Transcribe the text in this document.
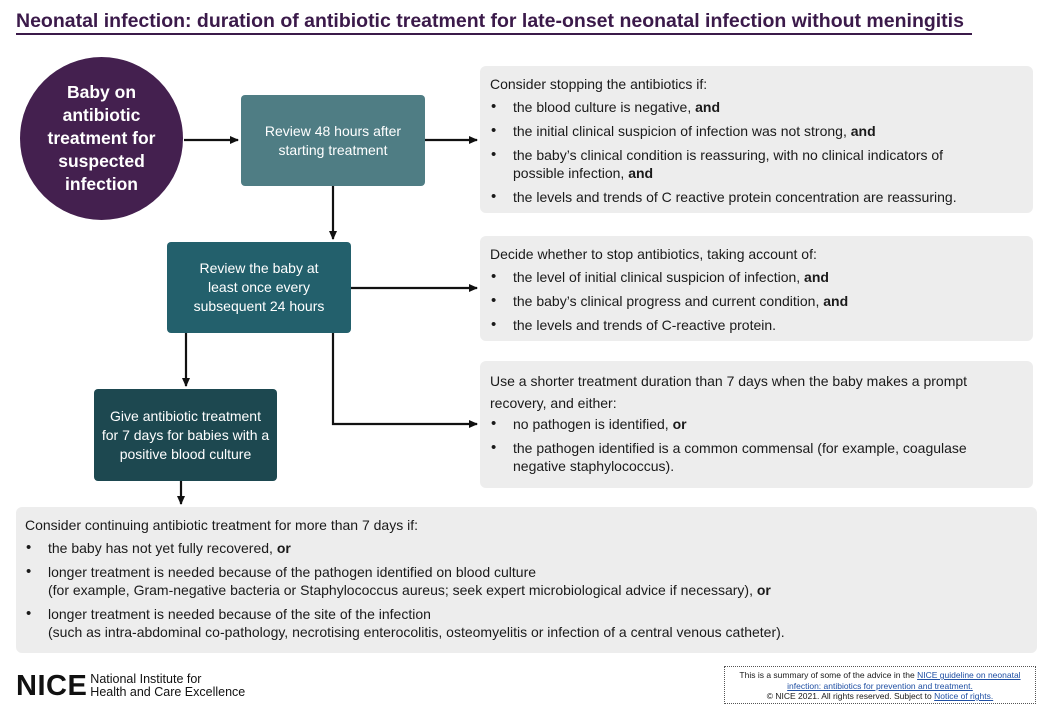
Neonatal infection: duration of antibiotic treatment for late-onset neonatal infection without meningitis
Baby on antibiotic treatment for suspected infection
Review 48 hours after starting treatment
Review the baby at least once every subsequent 24 hours
Give antibiotic treatment for 7 days for babies with a positive blood culture
Consider stopping the antibiotics if:
• the blood culture is negative, and
• the initial clinical suspicion of infection was not strong, and
• the baby’s clinical condition is reassuring, with no clinical indicators of possible infection, and
• the levels and trends of C reactive protein concentration are reassuring.
Decide whether to stop antibiotics, taking account of:
• the level of initial clinical suspicion of infection, and
• the baby’s clinical progress and current condition, and
• the levels and trends of C-reactive protein.
Use a shorter treatment duration than 7 days when the baby makes a prompt recovery, and either:
• no pathogen is identified, or
• the pathogen identified is a common commensal (for example, coagulase negative staphylococcus).
Consider continuing antibiotic treatment for more than 7 days if:
• the baby has not yet fully recovered, or
• longer treatment is needed because of the pathogen identified on blood culture
(for example, Gram-negative bacteria or Staphylococcus aureus; seek expert microbiological advice if necessary), or
• longer treatment is needed because of the site of the infection
(such as intra-abdominal co-pathology, necrotising enterocolitis, osteomyelitis or infection of a central venous catheter).
NICE National Institute for
Health and Care Excellence
This is a summary of some of the advice in the NICE guideline on neonatal infection: antibiotics for prevention and treatment.
© NICE 2021. All rights reserved. Subject to Notice of rights.
